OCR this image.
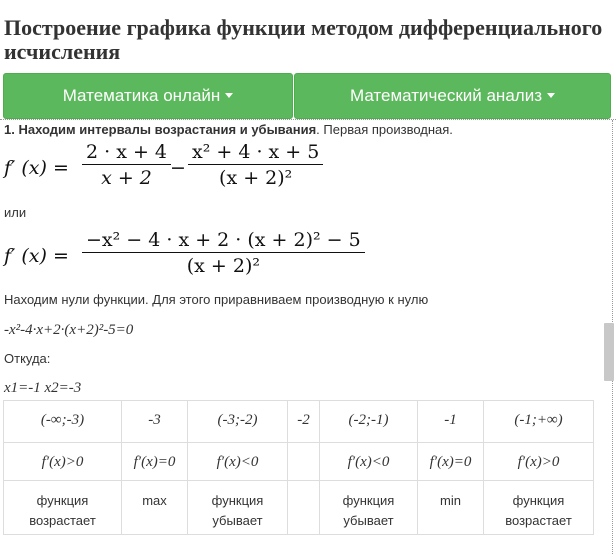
Построение графика функции методом дифференциального исчисления
Математика онлайн	Математический анализ
1. Находим интервалы возрастания и убывания. Первая производная.
f′ (x) =
2 · x + 4
x + 2 −
x² + 4 · x + 5
(x + 2)²
или
f′ (x) =
−x² − 4 · x + 2 · (x + 2)² − 5
(x + 2)²
Находим нули функции. Для этого приравниваем производную к нулю
-x²-4·x+2·(x+2)²-5=0
Откуда:
x1=-1 x2=-3
(-∞;-3)	-3	(-3;-2)	-2	(-2;-1)	-1	(-1;+∞)
f′(x)>0	f′(x)=0	f′(x)<0		f′(x)<0	f′(x)=0	f′(x)>0
функция возрастает	max	функция убывает		функция убывает	min	функция возрастает
